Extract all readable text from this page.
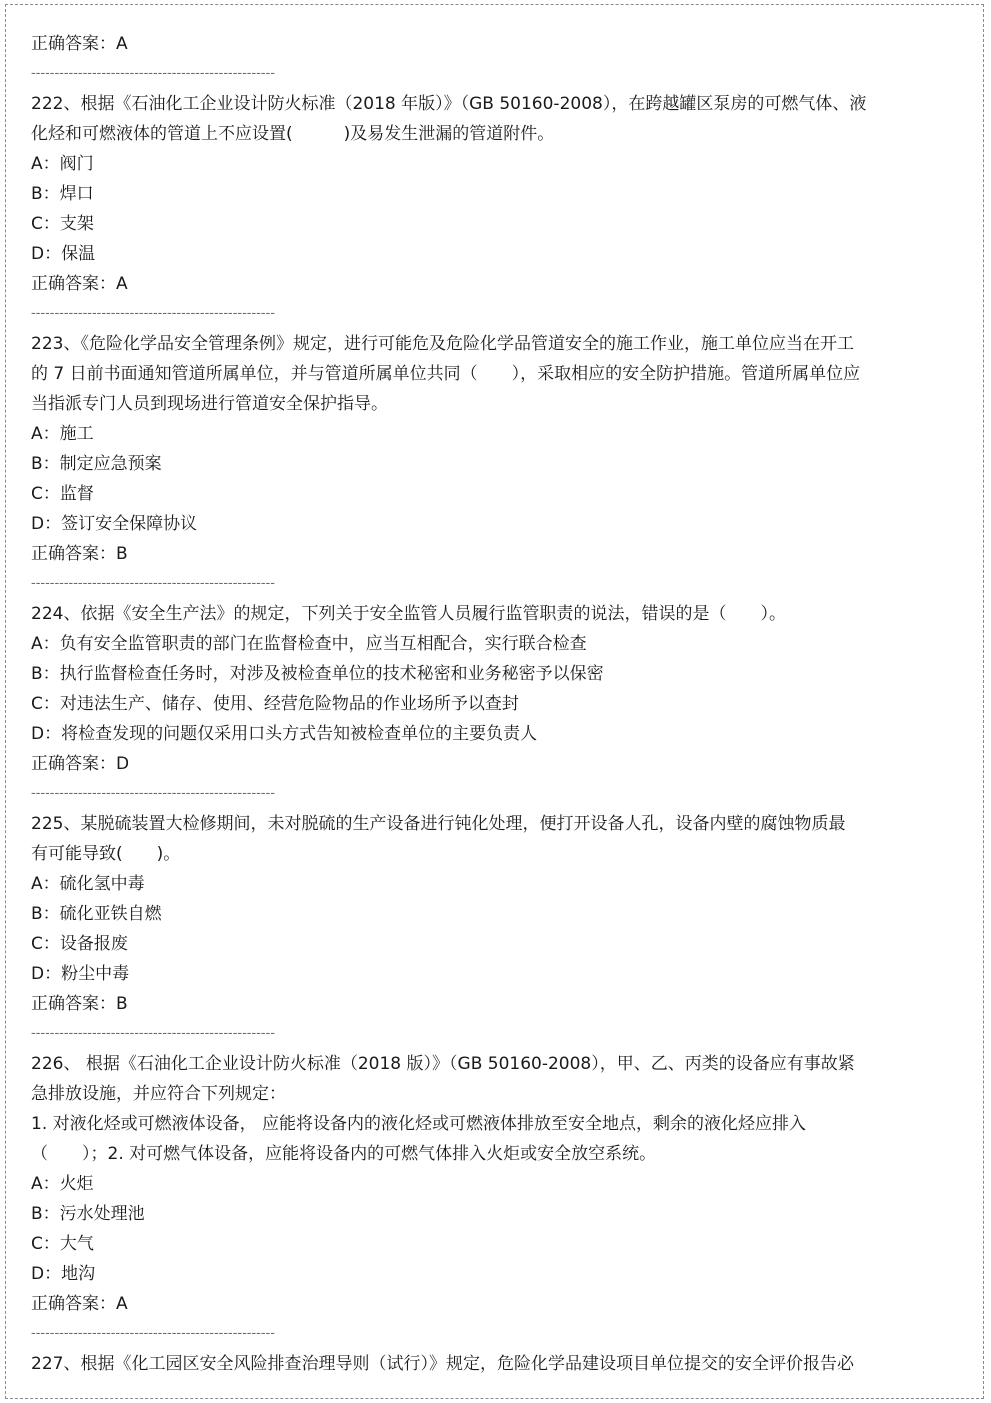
正确答案：A
----------------------------------------------------
222、根据《石油化工企业设计防火标准（2018 年版）》（GB 50160-2008），在跨越罐区泵房的可燃气体、液
化烃和可燃液体的管道上不应设置(　　　)及易发生泄漏的管道附件。
A：阀门
B：焊口
C：支架
D：保温
正确答案：A
----------------------------------------------------
223、《危险化学品安全管理条例》规定，进行可能危及危险化学品管道安全的施工作业，施工单位应当在开工
的 7 日前书面通知管道所属单位，并与管道所属单位共同（　　），采取相应的安全防护措施。管道所属单位应
当指派专门人员到现场进行管道安全保护指导。
A：施工
B：制定应急预案
C：监督
D：签订安全保障协议
正确答案：B
----------------------------------------------------
224、依据《安全生产法》的规定，下列关于安全监管人员履行监管职责的说法，错误的是（　　）。
A：负有安全监管职责的部门在监督检查中，应当互相配合，实行联合检查
B：执行监督检查任务时，对涉及被检查单位的技术秘密和业务秘密予以保密
C：对违法生产、储存、使用、经营危险物品的作业场所予以查封
D：将检查发现的问题仅采用口头方式告知被检查单位的主要负责人
正确答案：D
----------------------------------------------------
225、某脱硫装置大检修期间，未对脱硫的生产设备进行钝化处理，便打开设备人孔，设备内壁的腐蚀物质最
有可能导致(　　)。
A：硫化氢中毒
B：硫化亚铁自燃
C：设备报废
D：粉尘中毒
正确答案：B
----------------------------------------------------
226、 根据《石油化工企业设计防火标准（2018 版）》（GB 50160-2008），甲、乙、丙类的设备应有事故紧
急排放设施，并应符合下列规定：
1. 对液化烃或可燃液体设备， 应能将设备内的液化烃或可燃液体排放至安全地点，剩余的液化烃应排入
（　　）；2. 对可燃气体设备，应能将设备内的可燃气体排入火炬或安全放空系统。
A：火炬
B：污水处理池
C：大气
D：地沟
正确答案：A
----------------------------------------------------
227、根据《化工园区安全风险排查治理导则（试行）》规定，危险化学品建设项目单位提交的安全评价报告必
